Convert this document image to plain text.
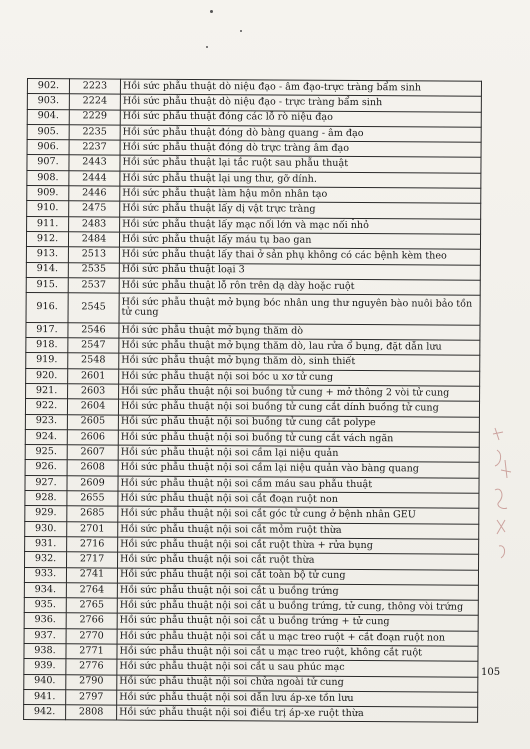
902.	2223	Hồi sức phẫu thuật dò niệu đạo - âm đạo-trực tràng bẩm sinh
903.	2224	Hồi sức phẫu thuật dò niệu đạo - trực tràng bẩm sinh
904.	2229	Hồi sức phẫu thuật đóng các lỗ rò niệu đạo
905.	2235	Hồi sức phẫu thuật đóng dò bàng quang - âm đạo
906.	2237	Hồi sức phẫu thuật đóng dò trực tràng âm đạo
907.	2443	Hồi sức phẫu thuật lại tắc ruột sau phẫu thuật
908.	2444	Hồi sức phẫu thuật lại ung thư, gỡ dính.
909.	2446	Hồi sức phẫu thuật làm hậu môn nhân tạo
910.	2475	Hồi sức phẫu thuật lấy dị vật trực tràng
911.	2483	Hồi sức phẫu thuật lấy mạc nối lớn và mạc nối nhỏ
912.	2484	Hồi sức phẫu thuật lấy máu tụ bao gan
913.	2513	Hồi sức phẫu thuật lấy thai ở sản phụ không có các bệnh kèm theo
914.	2535	Hồi sức phẫu thuật loại 3
915.	2537	Hồi sức phẫu thuật lỗ rôn trên dạ dày hoặc ruột
916.	2545	Hồi sức phẫu thuật mở bụng bóc nhân ung thư nguyên bào nuôi bảo tồn tử cung
917.	2546	Hồi sức phẫu thuật mở bụng thăm dò
918.	2547	Hồi sức phẫu thuật mở bụng thăm dò, lau rửa ổ bụng, đặt dẫn lưu
919.	2548	Hồi sức phẫu thuật mở bụng thăm dò, sinh thiết
920.	2601	Hồi sức phẫu thuật nội soi bóc u xơ tử cung
921.	2603	Hồi sức phẫu thuật nội soi buồng tử cung + mở thông 2 vòi tử cung
922.	2604	Hồi sức phẫu thuật nội soi buồng tử cung cắt dính buồng tử cung
923.	2605	Hồi sức phẫu thuật nội soi buồng tử cung cắt polype
924.	2606	Hồi sức phẫu thuật nội soi buồng tử cung cắt vách ngăn
925.	2607	Hồi sức phẫu thuật nội soi cầm lại niệu quản
926.	2608	Hồi sức phẫu thuật nội soi cầm lại niệu quản vào bàng quang
927.	2609	Hồi sức phẫu thuật nội soi cầm máu sau phẫu thuật
928.	2655	Hồi sức phẫu thuật nội soi cắt đoạn ruột non
929.	2685	Hồi sức phẫu thuật nội soi cắt góc tử cung ở bệnh nhân GEU
930.	2701	Hồi sức phẫu thuật nội soi cắt mỏm ruột thừa
931.	2716	Hồi sức phẫu thuật nội soi cắt ruột thừa + rửa bụng
932.	2717	Hồi sức phẫu thuật nội soi cắt ruột thừa
933.	2741	Hồi sức phẫu thuật nội soi cắt toàn bộ tử cung
934.	2764	Hồi sức phẫu thuật nội soi cắt u buồng trứng
935.	2765	Hồi sức phẫu thuật nội soi cắt u buồng trứng, tử cung, thông vòi trứng
936.	2766	Hồi sức phẫu thuật nội soi cắt u buồng trứng + tử cung
937.	2770	Hồi sức phẫu thuật nội soi cắt u mạc treo ruột + cắt đoạn ruột non
938.	2771	Hồi sức phẫu thuật nội soi cắt u mạc treo ruột, không cắt ruột
939.	2776	Hồi sức phẫu thuật nội soi cắt u sau phúc mạc
940.	2790	Hồi sức phẫu thuật nội soi chửa ngoài tử cung
941.	2797	Hồi sức phẫu thuật nội soi dẫn lưu áp-xe tồn lưu
942.	2808	Hồi sức phẫu thuật nội soi điều trị áp-xe ruột thừa
105
